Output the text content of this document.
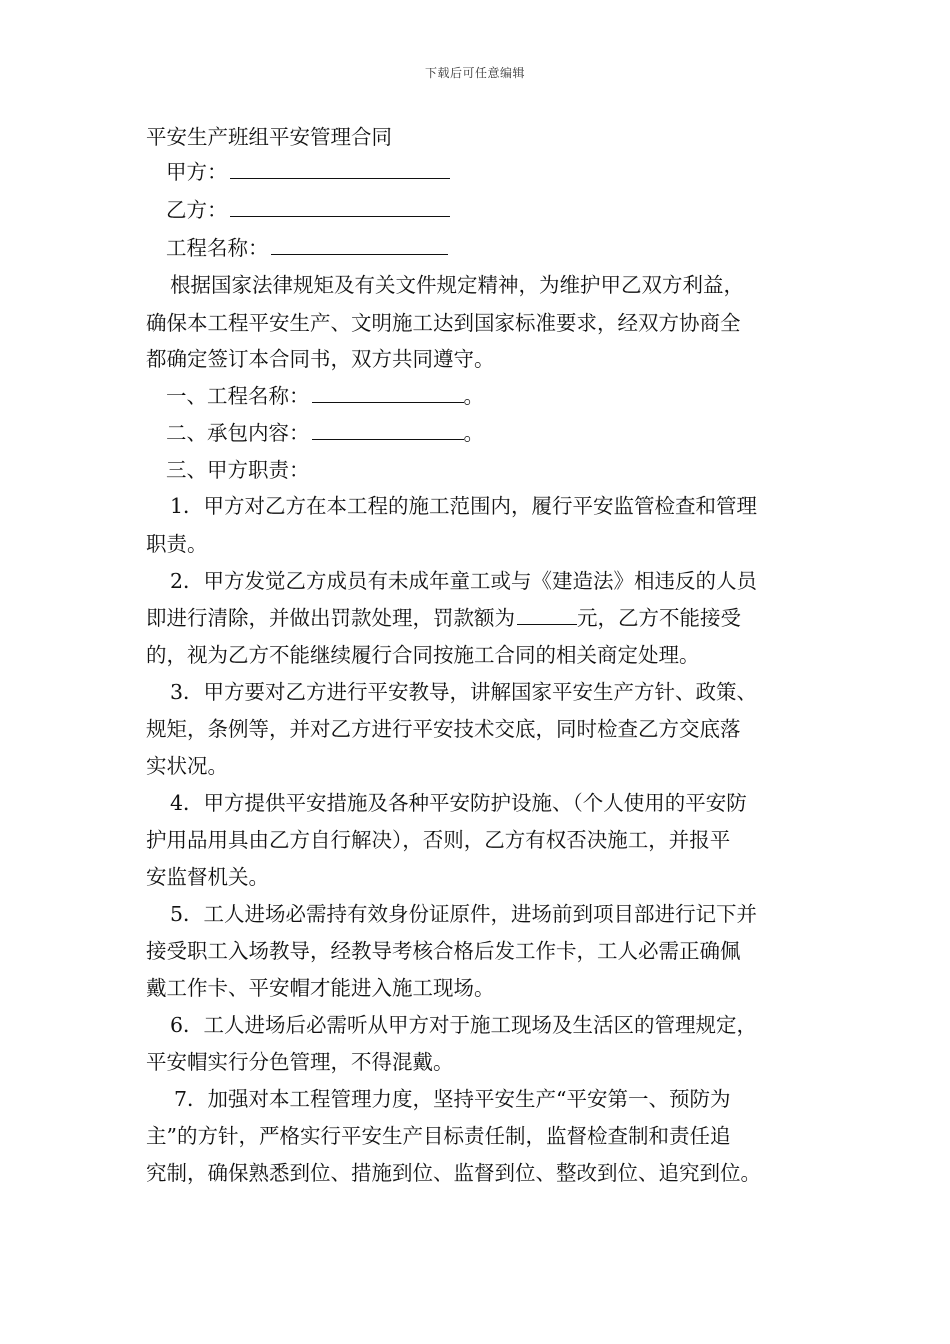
下载后可任意编辑
平安生产班组平安管理合同
甲方：
乙方：
工程名称：
根据国家法律规矩及有关文件规定精神，为维护甲乙双方利益，
确保本工程平安生产、文明施工达到国家标准要求，经双方协商全
都确定签订本合同书，双方共同遵守。
一、工程名称：	。
二、承包内容：	。
三、甲方职责：
1．甲方对乙方在本工程的施工范围内，履行平安监管检查和管理
职责。
2．甲方发觉乙方成员有未成年童工或与《建造法》相违反的人员
即进行清除，并做出罚款处理，罚款额为	元，乙方不能接受
的，视为乙方不能继续履行合同按施工合同的相关商定处理。
3．甲方要对乙方进行平安教导，讲解国家平安生产方针、政策、
规矩，条例等，并对乙方进行平安技术交底，同时检查乙方交底落
实状况。
4．甲方提供平安措施及各种平安防护设施、（个人使用的平安防
护用品用具由乙方自行解决），否则，乙方有权否决施工，并报平
安监督机关。
5．工人进场必需持有效身份证原件，进场前到项目部进行记下并
接受职工入场教导，经教导考核合格后发工作卡，工人必需正确佩
戴工作卡、平安帽才能进入施工现场。
6．工人进场后必需听从甲方对于施工现场及生活区的管理规定，
平安帽实行分色管理，不得混戴。
7．加强对本工程管理力度，坚持平安生产“平安第一、预防为
主”的方针，严格实行平安生产目标责任制，监督检查制和责任追
究制，确保熟悉到位、措施到位、监督到位、整改到位、追究到位。
